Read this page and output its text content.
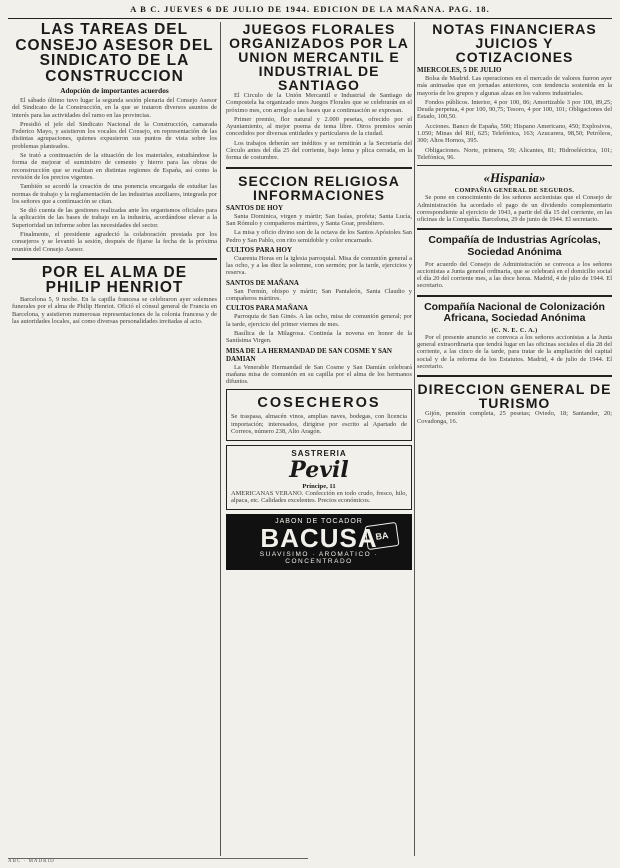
A B C. JUEVES 6 DE JULIO DE 1944. EDICION DE LA MAÑANA. PAG. 18.
LAS TAREAS DEL CONSEJO ASESOR DEL SINDICATO DE LA CONSTRUCCION
Adopción de importantes acuerdos

El sábado último tuvo lugar la segunda sesión plenaria del Consejo Asesor del Sindicato de la Construcción, en la que se trataron diversos asuntos de interés para las actividades del ramo en las provincias.

Presidió el jefe del Sindicato Nacional de la Construcción, camarada Federico Mayo, y asistieron los vocales del Consejo, en representación de las distintas agrupaciones, quienes expusieron sus puntos de vista sobre los problemas planteados.

Se trató a continuación de la situación de los materiales, estudiándose la forma de mejorar el suministro de cemento y hierro para las obras de reconstrucción que se realizan en distintas regiones de España, así como la revisión de los precios vigentes.

También se acordó la creación de una ponencia encargada de estudiar las normas de trabajo y la reglamentación de las industrias auxiliares, integrada por los señores que a continuación se citan.

Se dió cuenta de las gestiones realizadas ante los organismos oficiales para la aplicación de las bases de trabajo en la industria, acordándose elevar a la Superioridad un informe sobre las necesidades del sector.

Finalmente, el presidente agradeció la colaboración prestada por los consejeros y se levantó la sesión, después de fijarse la fecha de la próxima reunión del Consejo Asesor.

POR EL ALMA DE PHILIP HENRIOT

Barcelona 5, 9 noche. En la capilla francesa se celebraron ayer solemnes funerales por el alma de Philip Henriot. Ofició el cónsul general de Francia en Barcelona, y asistieron numerosas representaciones de la colonia francesa y de las autoridades locales, así como diversas personalidades invitadas al acto.

JUEGOS FLORALES ORGANIZADOS POR LA UNION MERCANTIL E INDUSTRIAL DE SANTIAGO

El Circulo de la Unión Mercantil e Industrial de Santiago de Compostela ha organizado unos Juegos Florales que se celebrarán en el próximo mes, con arreglo a las bases que a continuación se expresan.

Primer premio, flor natural y 2.000 pesetas, ofrecido por el Ayuntamiento, al mejor poema de tema libre. Otros premios serán concedidos por diversas entidades y particulares de la ciudad.

Los trabajos deberán ser inéditos y se remitirán a la Secretaría del Círculo antes del día 25 del corriente, bajo lema y plica cerrada, en la forma de costumbre.

SECCION RELIGIOSA INFORMACIONES
SANTOS DE HOY

Santa Dominica, virgen y mártir; San Isaías, profeta; Santa Lucía, San Rómulo y compañeros mártires, y Santa Goar, presbítero.

La misa y oficio divino son de la octava de los Santos Apóstoles San Pedro y San Pablo, con rito semidoble y color encarnado.

CULTOS PARA HOY

Cuarenta Horas en la iglesia parroquial. Misa de comunión general a las ocho, y a las diez la solemne, con sermón; por la tarde, ejercicios y reserva.

SANTOS DE MAÑANA

San Fermín, obispo y mártir; San Pantaleón, Santa Claudio y compañeros mártires.

CULTOS PARA MAÑANA

Parroquia de San Ginés. A las ocho, misa de comunión general; por la tarde, ejercicio del primer viernes de mes.

Basílica de la Milagrosa. Continúa la novena en honor de la Santísima Virgen.

MISA DE LA HERMANDAD DE SAN COSME Y SAN DAMIAN

La Venerable Hermandad de San Cosme y San Damián celebrará mañana misa de comunión en su capilla por el alma de los hermanos difuntos.

COSECHEROS

Se traspasa, almacén vinos, amplias naves, bodegas, con licencia importación; interesados, dirigirse por escrito al Apartado de Correos, número 238, Alto Aragón.

SASTRERIA
Pevil
Príncipe, 11

AMERICANAS VERANO. Confección en todo crudo, fresco, hilo, alpaca, etc. Calidades excelentes. Precios económicos.

JABON DE TOCADOR
BACUSA
SUAVISIMO · AROMATICO · CONCENTRADO
BA
NOTAS FINANCIERAS JUICIOS Y COTIZACIONES
MIERCOLES, 5 DE JULIO

Bolsa de Madrid. Las operaciones en el mercado de valores fueron ayer más animadas que en jornadas anteriores, con tendencia sostenida en la mayoría de los grupos y algunas alzas en los valores industriales.

Fondos públicos. Interior, 4 por 100, 86; Amortizable 3 por 100, 89,25; Deuda perpetua, 4 por 100, 90,75; Tesoro, 4 por 100, 101; Obligaciones del Estado, 100,50.

Acciones. Banco de España, 590; Hispano Americano, 450; Explosivos, 1.050; Minas del Rif, 625; Telefónica, 163; Azucarera, 98,50; Petróleos, 300; Altos Hornos, 395.

Obligaciones. Norte, primera, 59; Alicantes, 81; Hidroeléctrica, 101; Telefónica, 96.

«Hispania»
COMPAÑIA GENERAL DE SEGUROS.

Se pone en conocimiento de los señores accionistas que el Consejo de Administración ha acordado el pago de un dividendo complementario correspondiente al ejercicio de 1943, a partir del día 15 del corriente, en las oficinas de la Compañía. Barcelona, 29 de junio de 1944. El secretario.

Compañía de Industrias Agrícolas, Sociedad Anónima

Por acuerdo del Consejo de Administración se convoca a los señores accionistas a Junta general ordinaria, que se celebrará en el domicilio social el día 20 del corriente mes, a las doce horas. Madrid, 4 de julio de 1944. El secretario.

Compañía Nacional de Colonización Africana, Sociedad Anónima
(C. N. E. C. A.)

Por el presente anuncio se convoca a los señores accionistas a la Junta general extraordinaria que tendrá lugar en las oficinas sociales el día 28 del corriente, a las cinco de la tarde, para tratar de la ampliación del capital social y de la reforma de los Estatutos. Madrid, 4 de julio de 1944. El secretario.

DIRECCION GENERAL DE TURISMO

Gijón, pensión completa, 25 pesetas; Oviedo, 18; Santander, 20; Covadonga, 16.

ABC · MADRID
